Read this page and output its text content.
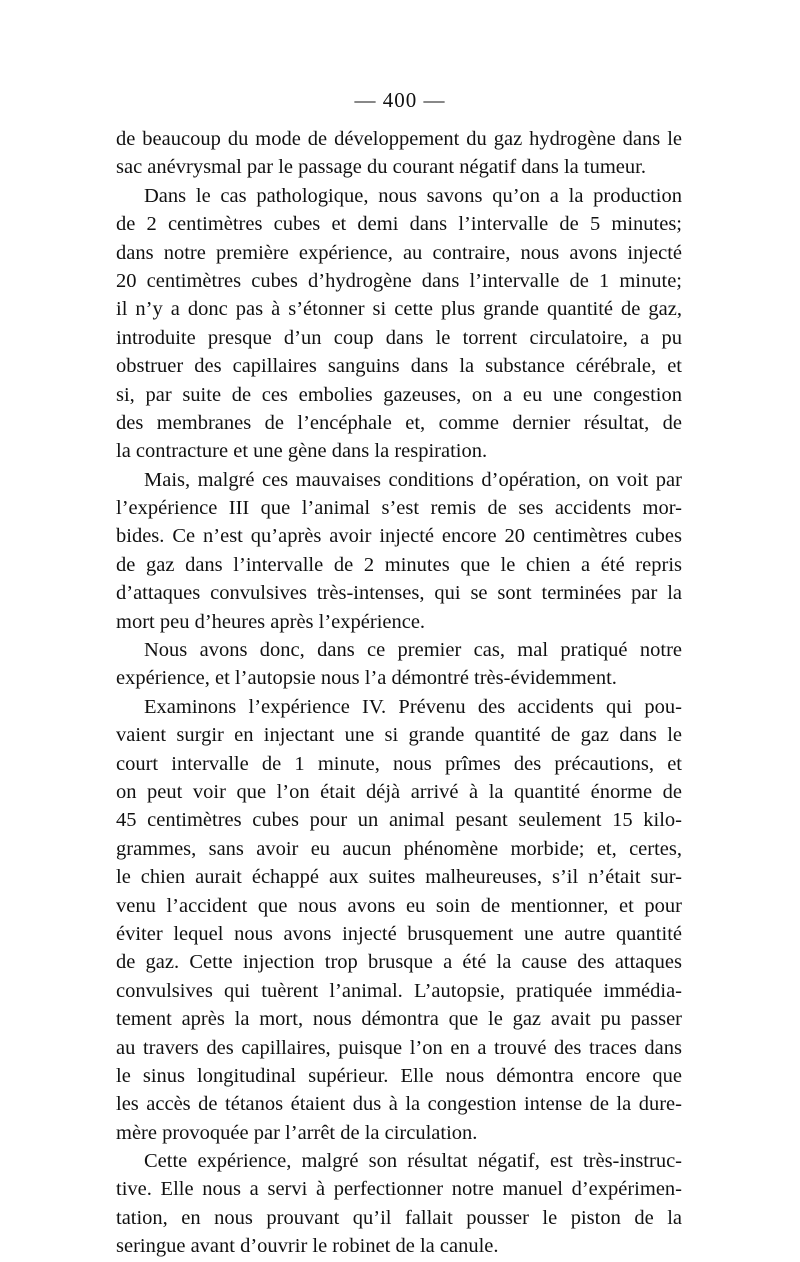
— 400 —
de beaucoup du mode de développement du gaz hydrogène dans le
sac anévrysmal par le passage du courant négatif dans la tumeur.
Dans le cas pathologique, nous savons qu’on a la production
de 2 centimètres cubes et demi dans l’intervalle de 5 minutes;
dans notre première expérience, au contraire, nous avons injecté
20 centimètres cubes d’hydrogène dans l’intervalle de 1 minute;
il n’y a donc pas à s’étonner si cette plus grande quantité de gaz,
introduite presque d’un coup dans le torrent circulatoire, a pu
obstruer des capillaires sanguins dans la substance cérébrale, et
si, par suite de ces embolies gazeuses, on a eu une congestion
des membranes de l’encéphale et, comme dernier résultat, de
la contracture et une gène dans la respiration.
Mais, malgré ces mauvaises conditions d’opération, on voit par
l’expérience III que l’animal s’est remis de ses accidents mor-
bides. Ce n’est qu’après avoir injecté encore 20 centimètres cubes
de gaz dans l’intervalle de 2 minutes que le chien a été repris
d’attaques convulsives très-intenses, qui se sont terminées par la
mort peu d’heures après l’expérience.
Nous avons donc, dans ce premier cas, mal pratiqué notre
expérience, et l’autopsie nous l’a démontré très-évidemment.
Examinons l’expérience IV. Prévenu des accidents qui pou-
vaient surgir en injectant une si grande quantité de gaz dans le
court intervalle de 1 minute, nous prîmes des précautions, et
on peut voir que l’on était déjà arrivé à la quantité énorme de
45 centimètres cubes pour un animal pesant seulement 15 kilo-
grammes, sans avoir eu aucun phénomène morbide; et, certes,
le chien aurait échappé aux suites malheureuses, s’il n’était sur-
venu l’accident que nous avons eu soin de mentionner, et pour
éviter lequel nous avons injecté brusquement une autre quantité
de gaz. Cette injection trop brusque a été la cause des attaques
convulsives qui tuèrent l’animal. L’autopsie, pratiquée immédia-
tement après la mort, nous démontra que le gaz avait pu passer
au travers des capillaires, puisque l’on en a trouvé des traces dans
le sinus longitudinal supérieur. Elle nous démontra encore que
les accès de tétanos étaient dus à la congestion intense de la dure-
mère provoquée par l’arrêt de la circulation.
Cette expérience, malgré son résultat négatif, est très-instruc-
tive. Elle nous a servi à perfectionner notre manuel d’expérimen-
tation, en nous prouvant qu’il fallait pousser le piston de la
seringue avant d’ouvrir le robinet de la canule.
